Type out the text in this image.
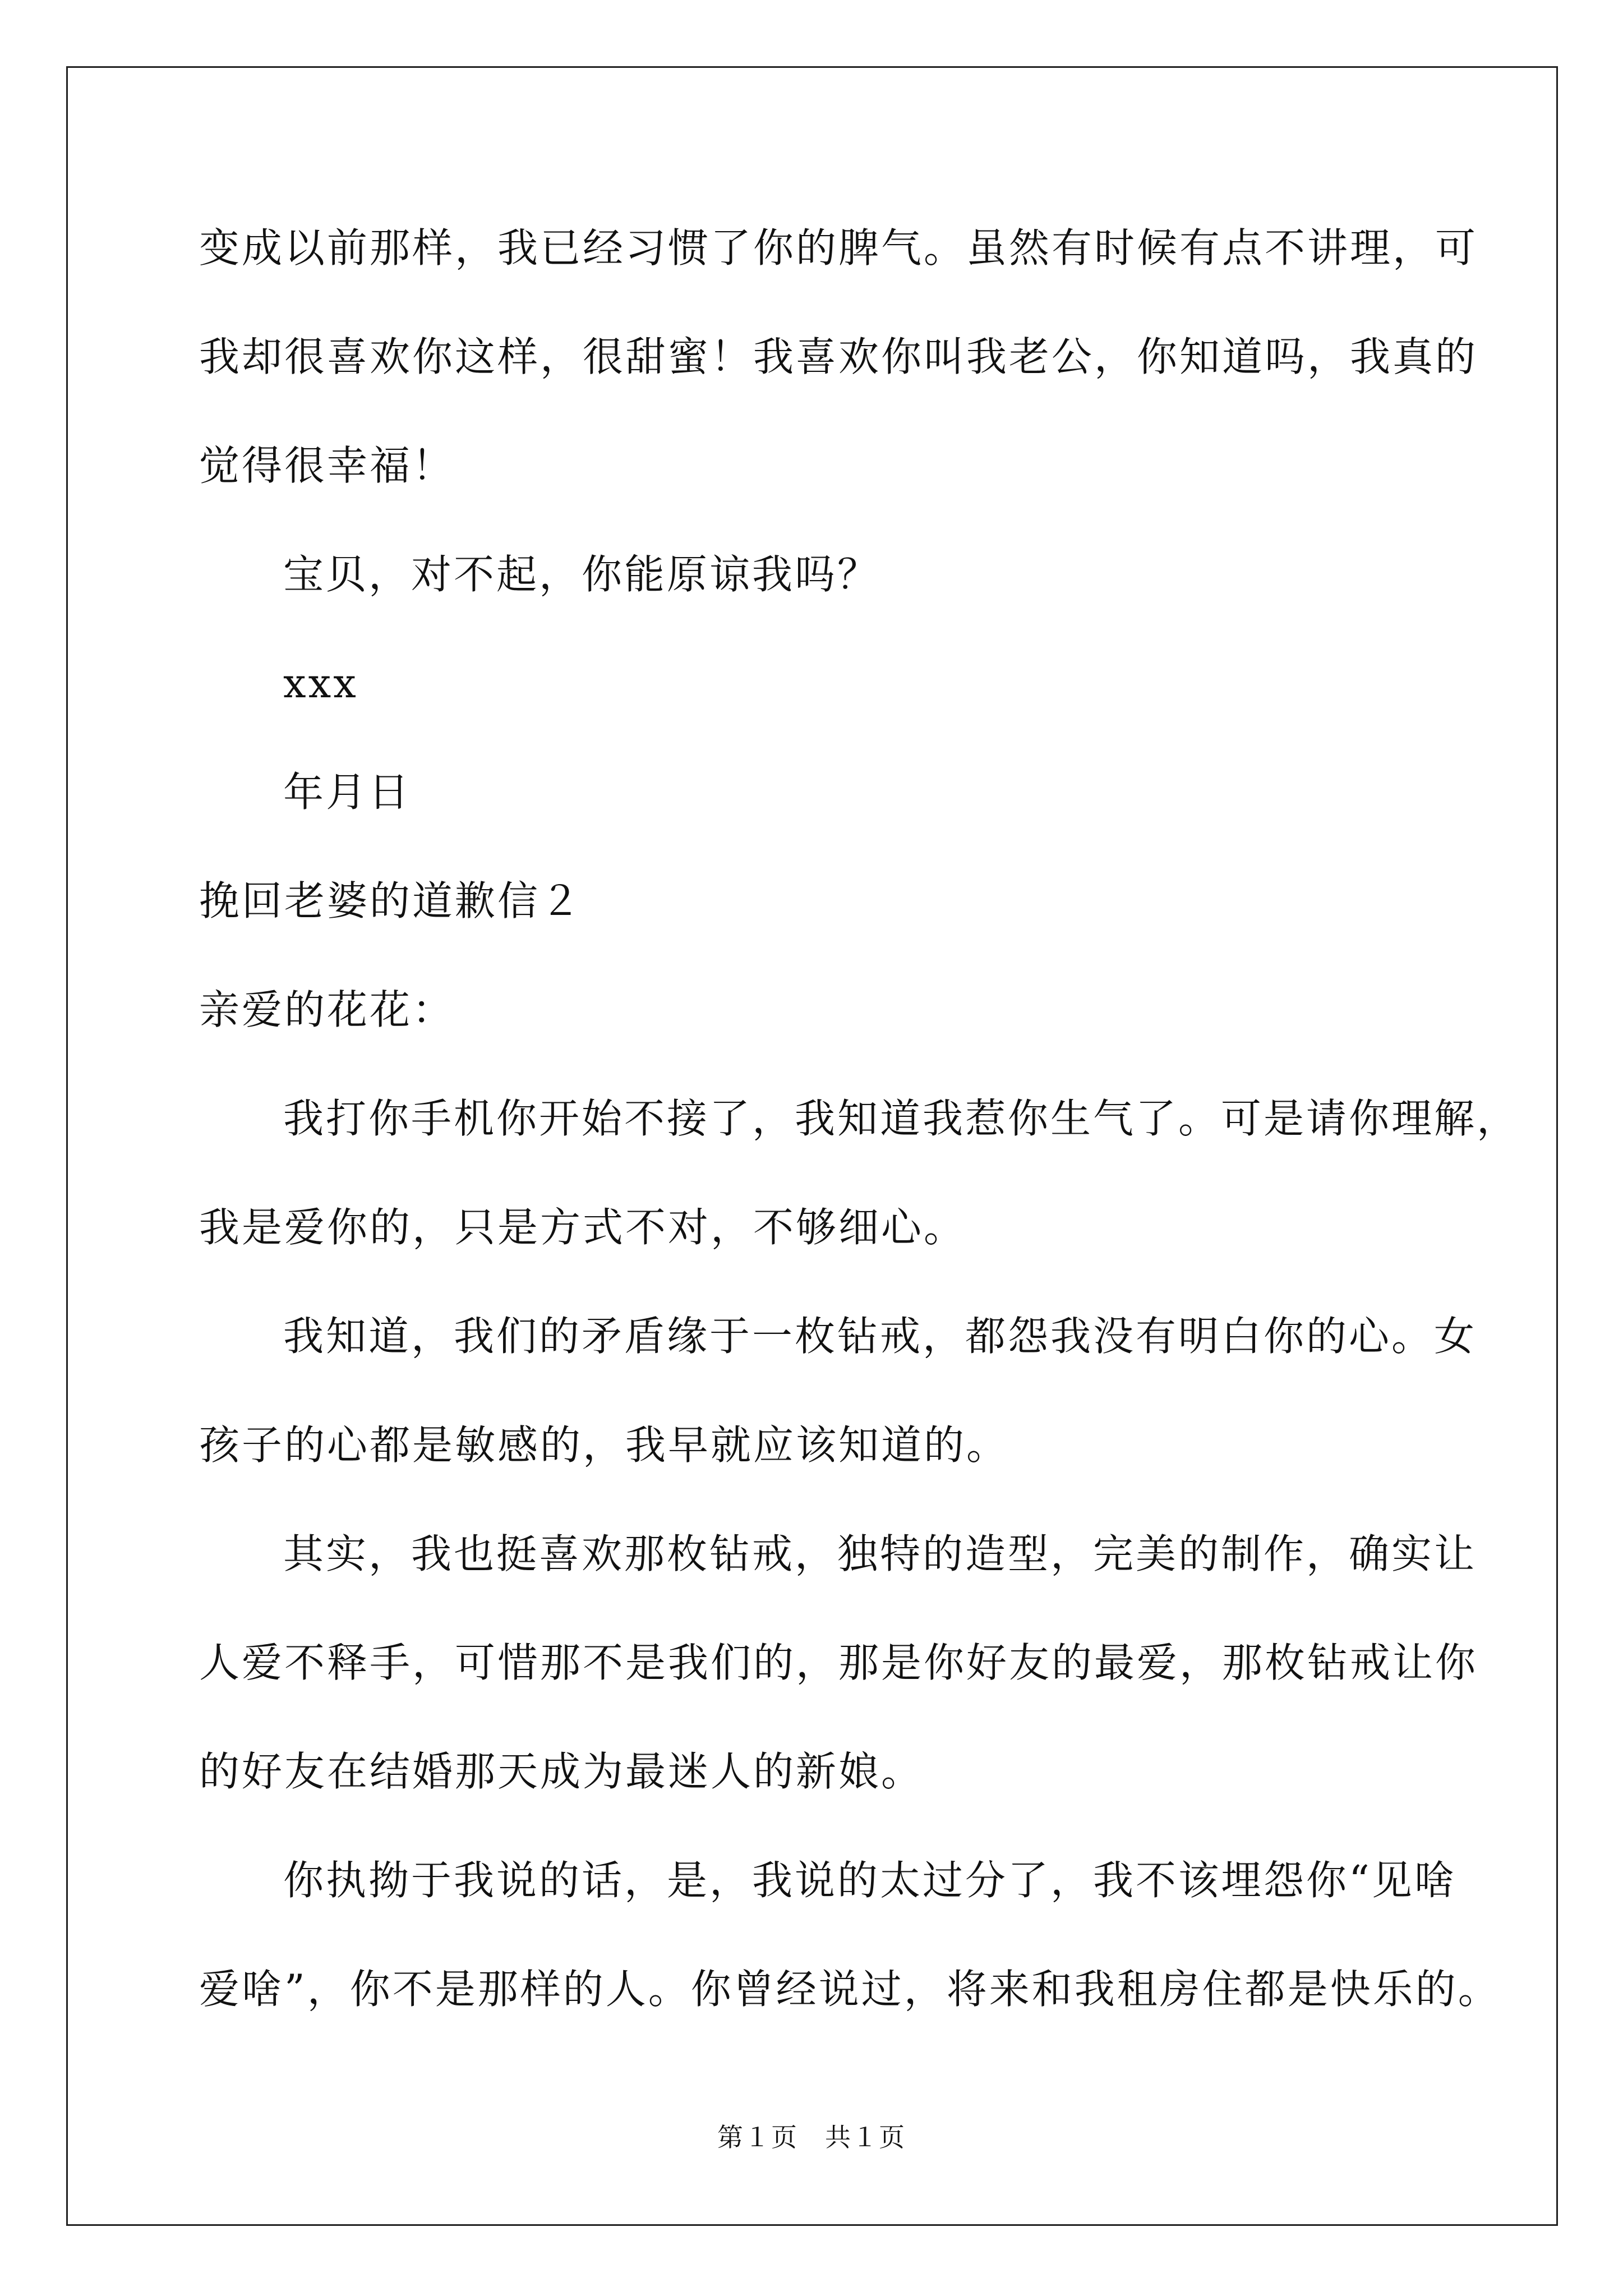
变成以前那样，我已经习惯了你的脾气。虽然有时候有点不讲理，可
我却很喜欢你这样，很甜蜜！我喜欢你叫我老公，你知道吗，我真的
觉得很幸福！
宝贝，对不起，你能原谅我吗？
xxx
年月日
挽回老婆的道歉信２
亲爱的花花：
我打你手机你开始不接了，我知道我惹你生气了。可是请你理解，
我是爱你的，只是方式不对，不够细心。
我知道，我们的矛盾缘于一枚钻戒，都怨我没有明白你的心。女
孩子的心都是敏感的，我早就应该知道的。
其实，我也挺喜欢那枚钻戒，独特的造型，完美的制作，确实让
人爱不释手，可惜那不是我们的，那是你好友的最爱，那枚钻戒让你
的好友在结婚那天成为最迷人的新娘。
你执拗于我说的话，是，我说的太过分了，我不该埋怨你“见啥
爱啥”，你不是那样的人。你曾经说过，将来和我租房住都是快乐的。
第１页　共１页
